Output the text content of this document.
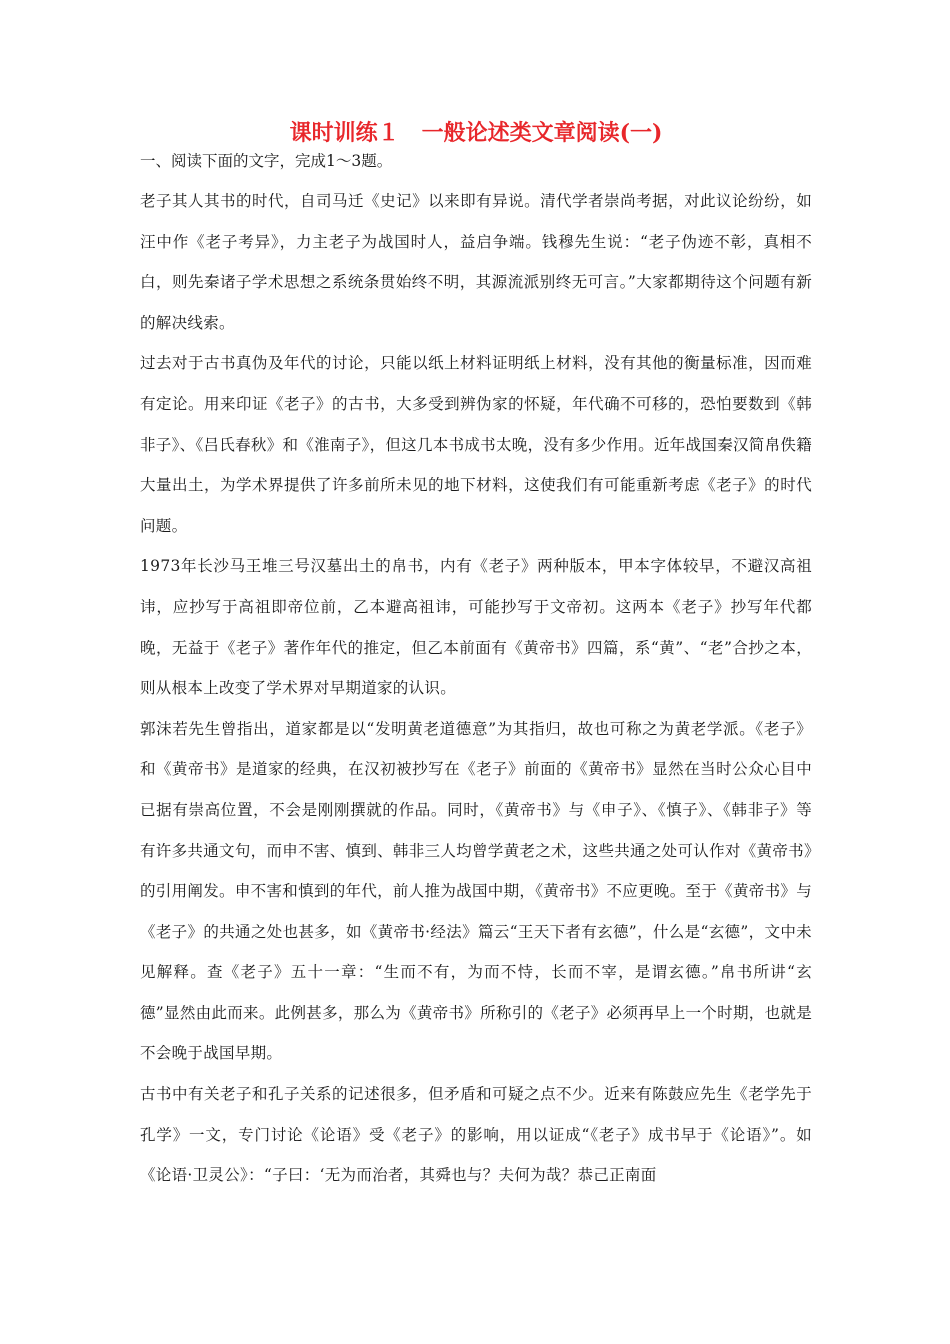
课时训练１　一般论述类文章阅读(一)

一、阅读下面的文字，完成1～3题。

老子其人其书的时代，自司马迁《史记》以来即有异说。清代学者崇尚考据，对此议论纷纷，如汪中作《老子考异》，力主老子为战国时人，益启争端。钱穆先生说：“老子伪迹不彰，真相不白，则先秦诸子学术思想之系统条贯始终不明，其源流派别终无可言。”大家都期待这个问题有新的解决线索。

过去对于古书真伪及年代的讨论，只能以纸上材料证明纸上材料，没有其他的衡量标准，因而难有定论。用来印证《老子》的古书，大多受到辨伪家的怀疑，年代确不可移的，恐怕要数到《韩非子》、《吕氏春秋》和《淮南子》，但这几本书成书太晚，没有多少作用。近年战国秦汉简帛佚籍大量出土，为学术界提供了许多前所未见的地下材料，这使我们有可能重新考虑《老子》的时代问题。

1973年长沙马王堆三号汉墓出土的帛书，内有《老子》两种版本，甲本字体较早，不避汉高祖讳，应抄写于高祖即帝位前，乙本避高祖讳，可能抄写于文帝初。这两本《老子》抄写年代都晚，无益于《老子》著作年代的推定，但乙本前面有《黄帝书》四篇，系“黄”、“老”合抄之本，则从根本上改变了学术界对早期道家的认识。

郭沫若先生曾指出，道家都是以“发明黄老道德意”为其指归，故也可称之为黄老学派。《老子》和《黄帝书》是道家的经典，在汉初被抄写在《老子》前面的《黄帝书》显然在当时公众心目中已据有崇高位置，不会是刚刚撰就的作品。同时，《黄帝书》与《申子》、《慎子》、《韩非子》等有许多共通文句，而申不害、慎到、韩非三人均曾学黄老之术，这些共通之处可认作对《黄帝书》的引用阐发。申不害和慎到的年代，前人推为战国中期，《黄帝书》不应更晚。至于《黄帝书》与《老子》的共通之处也甚多，如《黄帝书·经法》篇云“王天下者有玄德”，什么是“玄德”，文中未见解释。查《老子》五十一章：“生而不有，为而不恃，长而不宰，是谓玄德。”帛书所讲“玄德”显然由此而来。此例甚多，那么为《黄帝书》所称引的《老子》必须再早上一个时期，也就是不会晚于战国早期。

古书中有关老子和孔子关系的记述很多，但矛盾和可疑之点不少。近来有陈鼓应先生《老学先于孔学》一文，专门讨论《论语》受《老子》的影响，用以证成“《老子》成书早于《论语》”。如《论语·卫灵公》：“子曰：‘无为而治者，其舜也与？夫何为哉？恭己正南面
